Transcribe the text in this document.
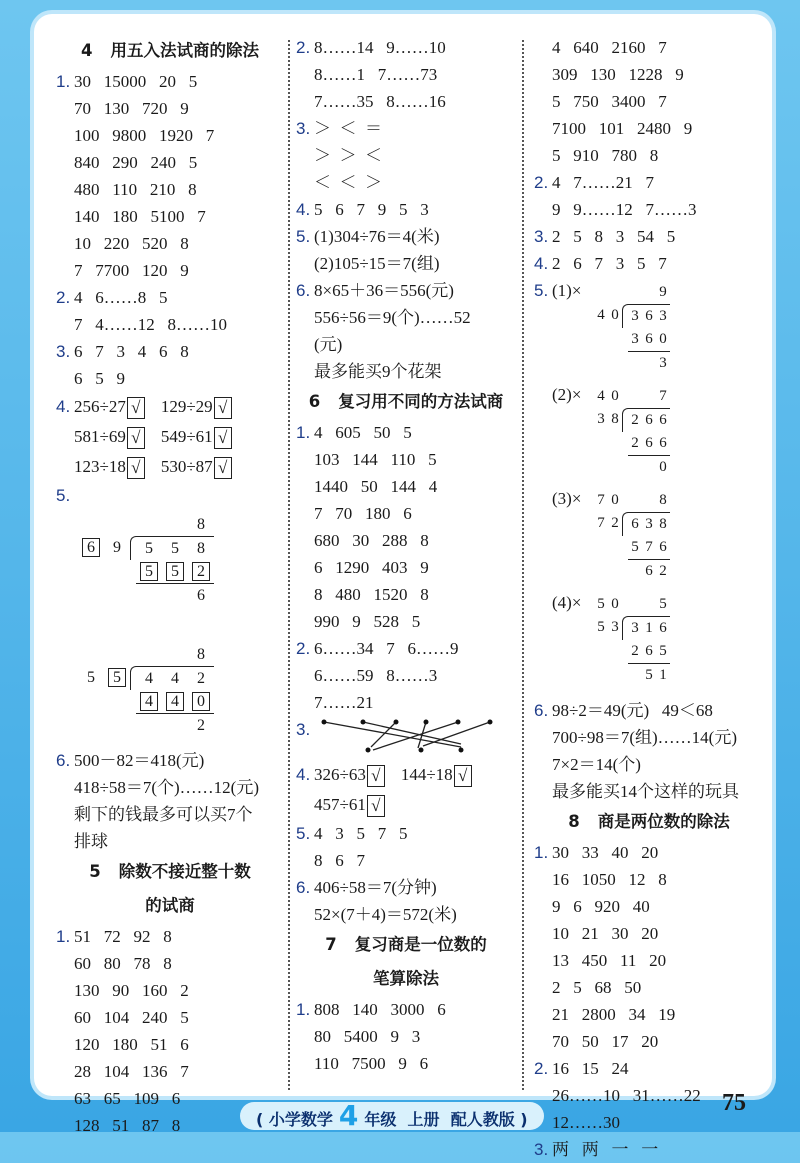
4 用五入法试商的除法
1. 30   15000   20   5
70   130   720   9
100   9800   1920   7
840   290   240   5
480   110   210   8
140   180   5100   7
10   220   520   8
7   7700   120   9
2. 4   6……8   5
7   4……12   8……10
3. 6   7   3   4   6   8
6   5   9
4. 256÷27 √ 129÷29 √
581÷69 √ 549÷61 √
123÷18 √ 530÷87 √
5.
8
6	9	5	5	8
5	5	2
6
8
5	5	4	4	2
4	4	0
2
6. 500－82＝418(元)
418÷58＝7(个)……12(元)
剩下的钱最多可以买7个
排球
5 除数不接近整十数
的试商
1. 51   72   92   8
60   80   78   8
130   90   160   2
60   104   240   5
120   180   51   6
28   104   136   7
63   65   109   6
128   51   87   8
2. 8……14   9……10
8……1   7……73
7……35   8……16
3. ＞  ＜  ＝
＞  ＞  ＜
＜  ＜  ＞
4. 5   6   7   9   5   3
5. (1)304÷76＝4(米)
(2)105÷15＝7(组)
6. 8×65＋36＝556(元)
556÷56＝9(个)……52
(元)
最多能买9个花架
6 复习用不同的方法试商
1. 4   605   50   5
103   144   110   5
1440   50   144   4
7   70   180   6
680   30   288   8
6   1290   403   9
8   480   1520   8
990   9   528   5
2. 6……34   7   6……9
6……59   8……3
7……21
3.
4. 326÷63 √ 144÷18 √
457÷61 √
5. 4   3   5   7   5
8   6   7
6. 406÷58＝7(分钟)
52×(7＋4)＝572(米)
7 复习商是一位数的
笔算除法
1. 808   140   3000   6
80   5400   9   3
110   7500   9   6
4   640   2160   7
309   130   1228   9
5   750   3400   7
7100   101   2480   9
5   910   780   8
2. 4   7……21   7
9   9……12   7……3
3. 2   5   8   3   54   5
4. 2   6   7   3   5   7
5. (1)×	9
4 0 3 6 3
3 6 0
3
(2)×	4 0	7
3 8 2 6 6
2 6 6
0
(3)×	7 0	8
7 2 6 3 8
5 7 6
6 2
(4)×	5 0	5
5 3 3 1 6
2 6 5
5 1
6. 98÷2＝49(元)   49＜68
700÷98＝7(组)……14(元)
7×2＝14(个)
最多能买14个这样的玩具
8 商是两位数的除法
1. 30   33   40   20
16   1050   12   8
9   6   920   40
10   21   30   20
13   450   11   20
2   5   68   50
21   2800   34   19
70   50   17   20
2. 16   15   24
26……10   31……22
12……30
3. 两   两   一   一
( 小学数学 4 年级 上册 配人教版 )
75
